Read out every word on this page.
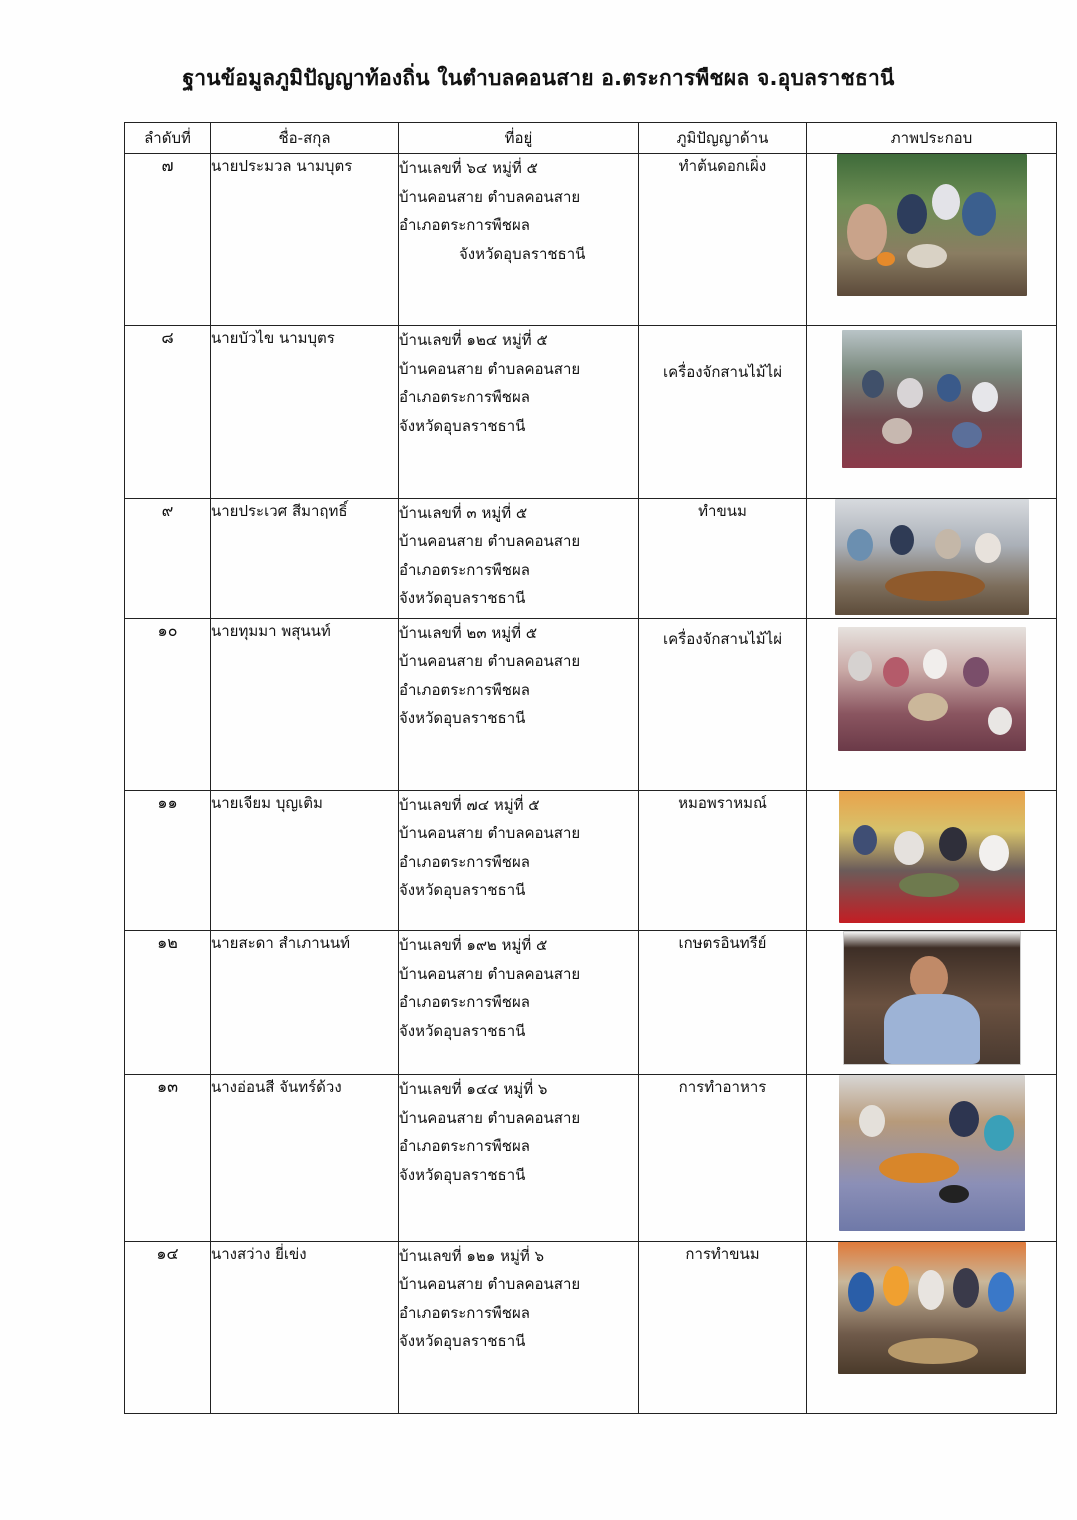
ฐานข้อมูลภูมิปัญญาท้องถิ่น ในตำบลคอนสาย อ.ตระการพืชผล จ.อุบลราชธานี
ลำดับที่	ชื่อ-สกุล	ที่อยู่	ภูมิปัญญาด้าน	ภาพประกอบ
๗	นายประมวล นามบุตร	บ้านเลขที่ ๖๔ หมู่ที่ ๕
บ้านคอนสาย ตำบลคอนสาย
อำเภอตระการพืชผล
จังหวัดอุบลราชธานี	ทำต้นดอกเผิ่ง	

๘	นายบัวไข นามบุตร	บ้านเลขที่ ๑๒๔ หมู่ที่ ๕
บ้านคอนสาย ตำบลคอนสาย
อำเภอตระการพืชผล
จังหวัดอุบลราชธานี	เครื่องจักสานไม้ไผ่	

๙	นายประเวศ สีมาฤทธิ์	บ้านเลขที่ ๓ หมู่ที่ ๕
บ้านคอนสาย ตำบลคอนสาย
อำเภอตระการพืชผล
จังหวัดอุบลราชธานี	ทำขนม	

๑๐	นายทุมมา พสุนนท์	บ้านเลขที่ ๒๓ หมู่ที่ ๕
บ้านคอนสาย ตำบลคอนสาย
อำเภอตระการพืชผล
จังหวัดอุบลราชธานี	เครื่องจักสานไม้ไผ่	

๑๑	นายเจียม บุญเติม	บ้านเลขที่ ๗๔ หมู่ที่ ๕
บ้านคอนสาย ตำบลคอนสาย
อำเภอตระการพืชผล
จังหวัดอุบลราชธานี	หมอพราหมณ์	

๑๒	นายสะดา สำเภานนท์	บ้านเลขที่ ๑๙๒ หมู่ที่ ๕
บ้านคอนสาย ตำบลคอนสาย
อำเภอตระการพืชผล
จังหวัดอุบลราชธานี	เกษตรอินทรีย์	

๑๓	นางอ่อนสี จันทร์ด้วง	บ้านเลขที่ ๑๔๔ หมู่ที่ ๖
บ้านคอนสาย ตำบลคอนสาย
อำเภอตระการพืชผล
จังหวัดอุบลราชธานี	การทำอาหาร	

๑๔	นางสว่าง ยี่เข่ง	บ้านเลขที่ ๑๒๑ หมู่ที่ ๖
บ้านคอนสาย ตำบลคอนสาย
อำเภอตระการพืชผล
จังหวัดอุบลราชธานี	การทำขนม	
